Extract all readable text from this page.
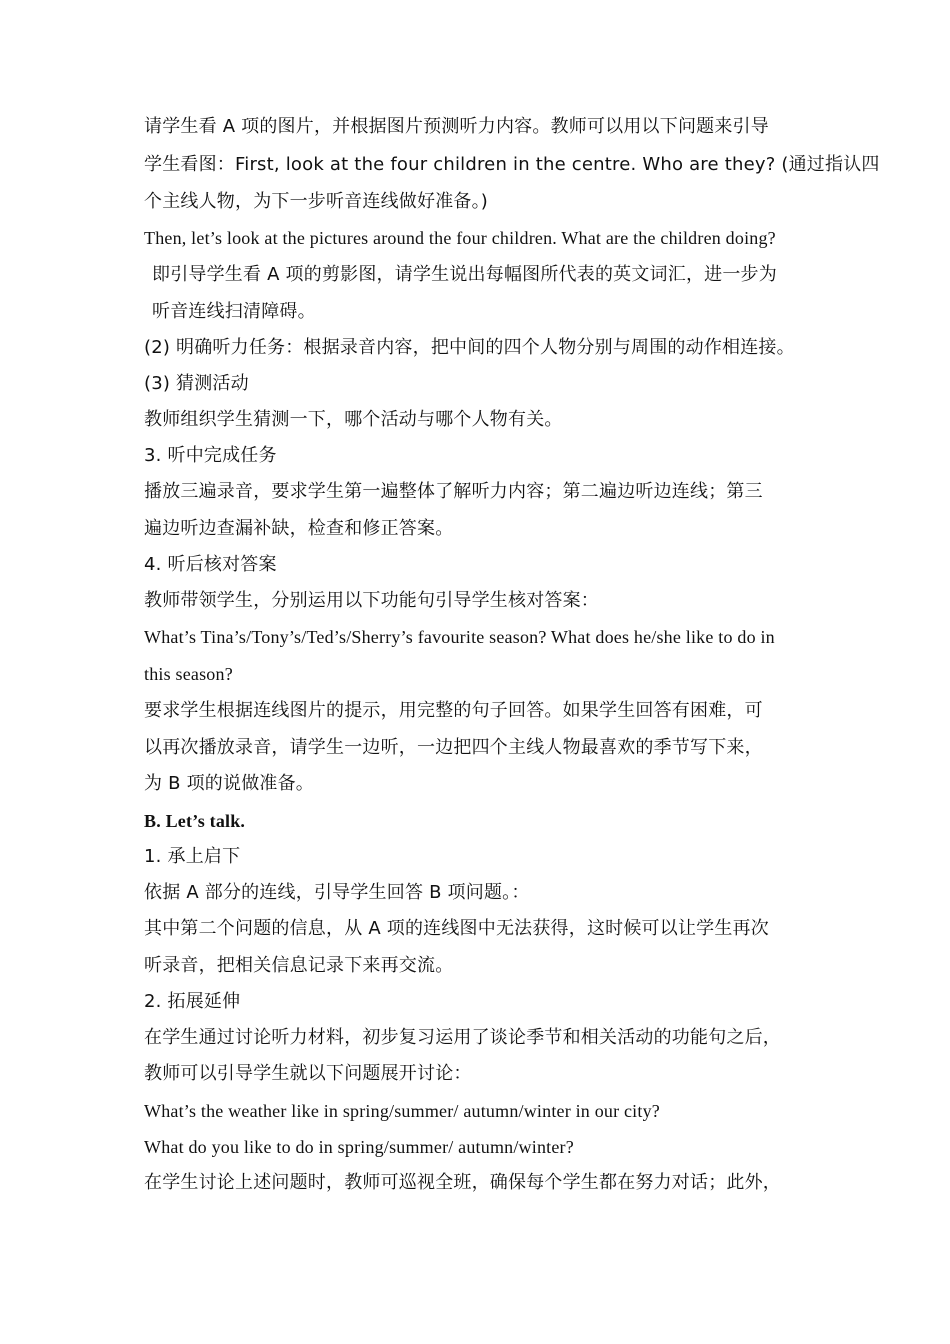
请学生看 A 项的图片，并根据图片预测听力内容。教师可以用以下问题来引导
学生看图：First, look at the four children in the centre. Who are they? (通过指认四
个主线人物，为下一步听音连线做好准备。)
Then, let’s look at the pictures around the four children. What are the children doing?
即引导学生看 A 项的剪影图，请学生说出每幅图所代表的英文词汇，进一步为
听音连线扫清障碍。
(2) 明确听力任务：根据录音内容，把中间的四个人物分别与周围的动作相连接。
(3) 猜测活动
教师组织学生猜测一下，哪个活动与哪个人物有关。
3. 听中完成任务
播放三遍录音，要求学生第一遍整体了解听力内容；第二遍边听边连线；第三
遍边听边查漏补缺，检查和修正答案。
4. 听后核对答案
教师带领学生，分别运用以下功能句引导学生核对答案：
What’s Tina’s/Tony’s/Ted’s/Sherry’s favourite season? What does he/she like to do in
this season?
要求学生根据连线图片的提示，用完整的句子回答。如果学生回答有困难，可
以再次播放录音，请学生一边听，一边把四个主线人物最喜欢的季节写下来，
为 B 项的说做准备。
B. Let’s talk.
1. 承上启下
依据 A 部分的连线，引导学生回答 B 项问题。：
其中第二个问题的信息，从 A 项的连线图中无法获得，这时候可以让学生再次
听录音，把相关信息记录下来再交流。
2. 拓展延伸
在学生通过讨论听力材料，初步复习运用了谈论季节和相关活动的功能句之后，
教师可以引导学生就以下问题展开讨论：
What’s the weather like in spring/summer/ autumn/winter in our city?
What do you like to do in spring/summer/ autumn/winter?
在学生讨论上述问题时，教师可巡视全班，确保每个学生都在努力对话；此外，
